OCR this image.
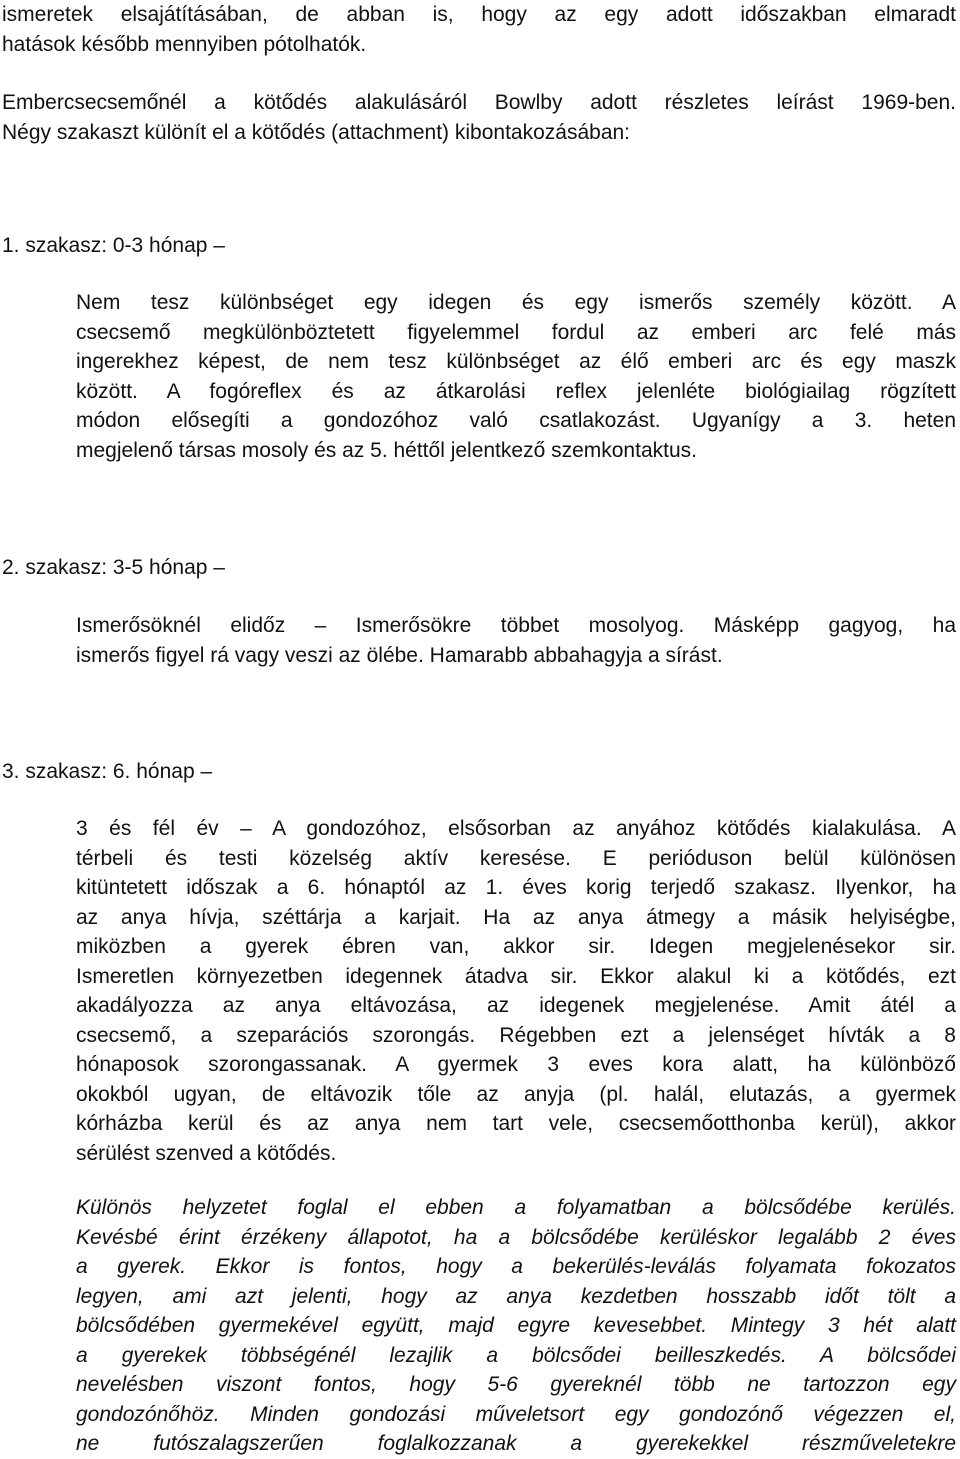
ismeretek elsajátításában, de abban is, hogy az egy adott időszakban elmaradt
hatások később mennyiben pótolhatók.
Embercsecsemőnél a kötődés alakulásáról Bowlby adott részletes leírást 1969-ben.
Négy szakaszt különít el a kötődés (attachment) kibontakozásában:
1. szakasz: 0-3 hónap –
Nem tesz különbséget egy idegen és egy ismerős személy között. A
csecsemő megkülönböztetett figyelemmel fordul az emberi arc felé más
ingerekhez képest, de nem tesz különbséget az élő emberi arc és egy maszk
között. A fogóreflex és az átkarolási reflex jelenléte biológiailag rögzített
módon elősegíti a gondozóhoz való csatlakozást. Ugyanígy a 3. heten
megjelenő társas mosoly és az 5. héttől jelentkező szemkontaktus.
2. szakasz: 3-5 hónap –
Ismerősöknél elidőz – Ismerősökre többet mosolyog. Másképp gagyog, ha
ismerős figyel rá vagy veszi az ölébe. Hamarabb abbahagyja a sírást.
3. szakasz: 6. hónap –
3 és fél év – A gondozóhoz, elsősorban az anyához kötődés kialakulása. A
térbeli és testi közelség aktív keresése. E perióduson belül különösen
kitüntetett időszak a 6. hónaptól az 1. éves korig terjedő szakasz. Ilyenkor, ha
az anya hívja, széttárja a karjait. Ha az anya átmegy a másik helyiségbe,
miközben a gyerek ébren van, akkor sir. Idegen megjelenésekor sir.
Ismeretlen környezetben idegennek átadva sir. Ekkor alakul ki a kötődés, ezt
akadályozza az anya eltávozása, az idegenek megjelenése. Amit átél a
csecsemő, a szeparációs szorongás. Régebben ezt a jelenséget hívták a 8
hónaposok szorongassanak. A gyermek 3 eves kora alatt, ha különböző
okokból ugyan, de eltávozik tőle az anyja (pl. halál, elutazás, a gyermek
kórházba kerül és az anya nem tart vele, csecsemőotthonba kerül), akkor
sérülést szenved a kötődés.
Különös helyzetet foglal el ebben a folyamatban a bölcsődébe kerülés.
Kevésbé érint érzékeny állapotot, ha a bölcsődébe kerüléskor legalább 2 éves
a gyerek. Ekkor is fontos, hogy a bekerülés-leválás folyamata fokozatos
legyen, ami azt jelenti, hogy az anya kezdetben hosszabb időt tölt a
bölcsődében gyermekével együtt, majd egyre kevesebbet. Mintegy 3 hét alatt
a gyerekek többségénél lezajlik a bölcsődei beilleszkedés. A bölcsődei
nevelésben viszont fontos, hogy 5-6 gyereknél több ne tartozzon egy
gondozónőhöz. Minden gondozási műveletsort egy gondozónő végezzen el,
ne futószalagszerűen foglalkozzanak a gyerekekkel részműveletekre
